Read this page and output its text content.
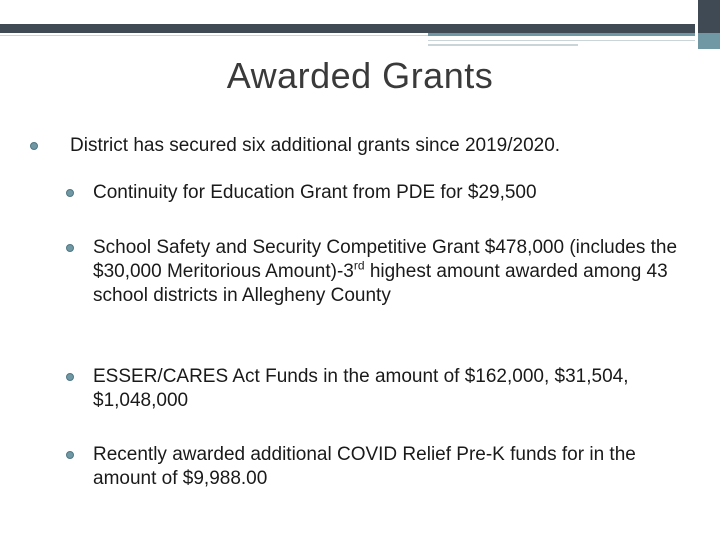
Awarded Grants
District has secured six additional grants since 2019/2020.
Continuity for Education Grant from PDE for $29,500
School Safety and Security Competitive Grant $478,000 (includes the $30,000 Meritorious Amount)-3rd highest amount awarded among 43 school districts in Allegheny County
ESSER/CARES Act Funds in the amount of $162,000, $31,504, $1,048,000
Recently awarded additional COVID Relief Pre-K funds for in the amount of $9,988.00
